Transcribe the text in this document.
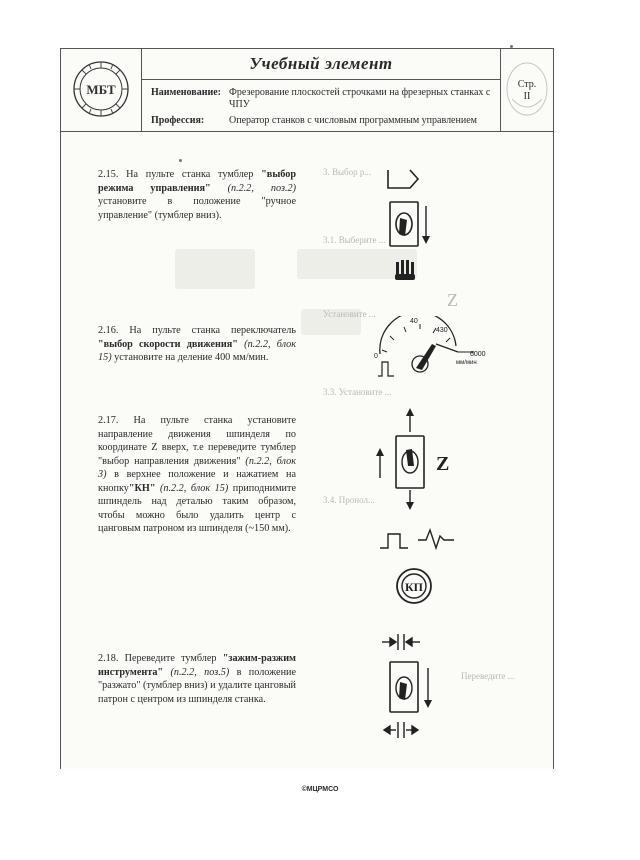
МБТ
Учебный элемент
Наименование: Фрезерование плоскостей строчками на фрезерных станках с ЧПУ
Профессия:	Оператор станков с числовым программным управлением
Стр.
II
3. Выбор р...
3.1. Выберите ...
Установите ...
3.3. Установите ...
3.4. Пронол...
Переведите ...
Z
2.15. На пульте станка тумблер "выбор режима управления" (п.2.2, поз.2) установите в положение "ручное управление" (тумблер вниз).
2.16. На пульте станка переключатель "выбор скорости движения" (п.2.2, блок 15) установите на деление 400 мм/мин.
2.17. На пульте станка установите направление движения шпинделя по координате Z вверх, т.е переведите тумблер "выбор направления движения" (п.2.2, блок 3) в верхнее положение и нажатием на кнопку"КН" (п.2.2, блок 15) приподнимите шпиндель над деталью таким образом, чтобы можно было удалить центр с цанговым патроном из шпинделя (~150 мм).
2.18. Переведите тумблер "зажим-разжим инструмента" (п.2.2, поз.5) в положение "разжато" (тумблер вниз) и удалите цанговый патрон с центром из шпинделя станка.
0
40
430
6000
мм/мин
Z
КП
©МЦРМСО
